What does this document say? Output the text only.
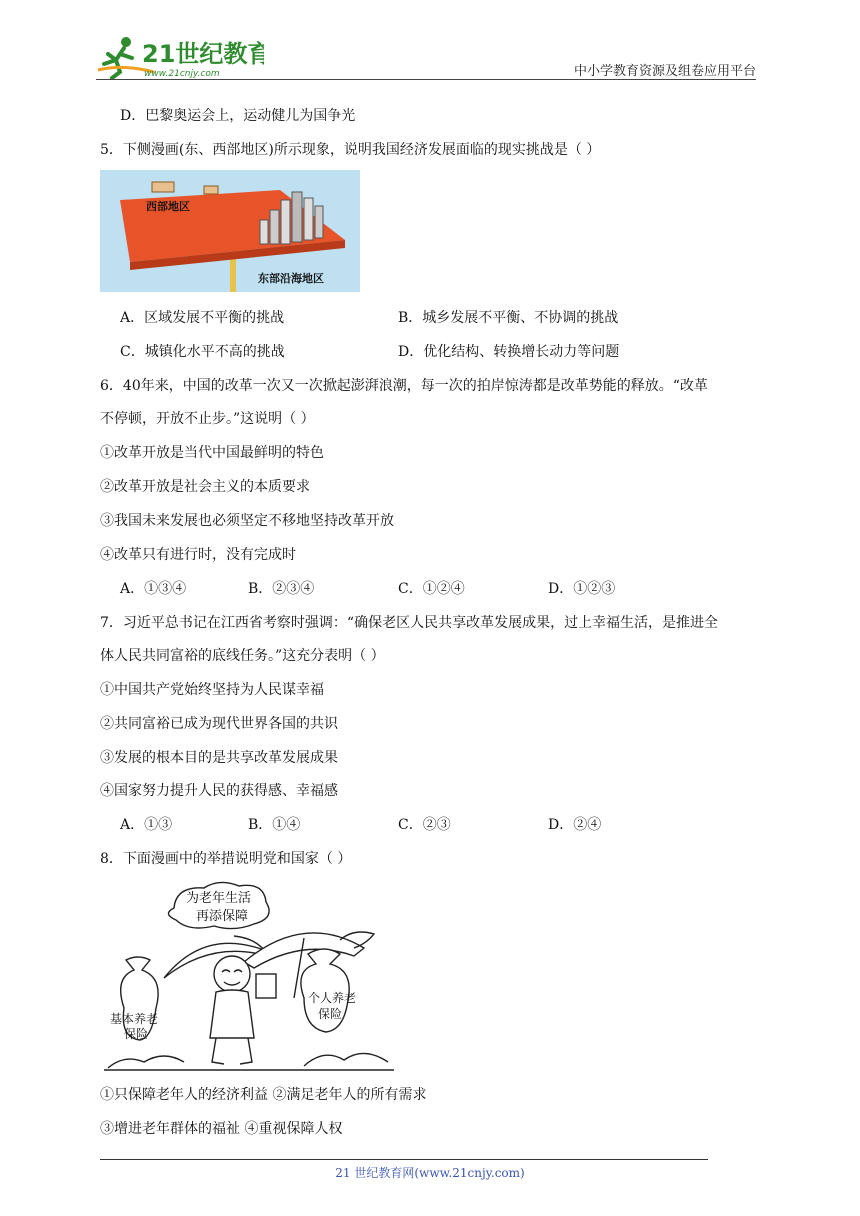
21世纪教育
www.21cnjy.com	中小学教育资源及组卷应用平台
D．巴黎奥运会上，运动健儿为国争光
5．下侧漫画(东、西部地区)所示现象，说明我国经济发展面临的现实挑战是（ ）
西部地区
东部沿海地区
A．区域发展不平衡的挑战	B．城乡发展不平衡、不协调的挑战
C．城镇化水平不高的挑战	D．优化结构、转换增长动力等问题
6．40年来，中国的改革一次又一次掀起澎湃浪潮，每一次的拍岸惊涛都是改革势能的释放。“改革
不停顿，开放不止步。”这说明（ ）
①改革开放是当代中国最鲜明的特色
②改革开放是社会主义的本质要求
③我国未来发展也必须坚定不移地坚持改革开放
④改革只有进行时，没有完成时
A．①③④	B．②③④	C．①②④	D．①②③
7．习近平总书记在江西省考察时强调：“确保老区人民共享改革发展成果，过上幸福生活，是推进全
体人民共同富裕的底线任务。”这充分表明（ ）
①中国共产党始终坚持为人民谋幸福
②共同富裕已成为现代世界各国的共识
③发展的根本目的是共享改革发展成果
④国家努力提升人民的获得感、幸福感
A．①③	B．①④	C．②③	D．②④
8．下面漫画中的举措说明党和国家（ ）
为老年生活
再添保障
基本养老
保险
个人养老
保险
①只保障老年人的经济利益 ②满足老年人的所有需求
③增进老年群体的福祉 ④重视保障人权
21 世纪教育网(www.21cnjy.com)
